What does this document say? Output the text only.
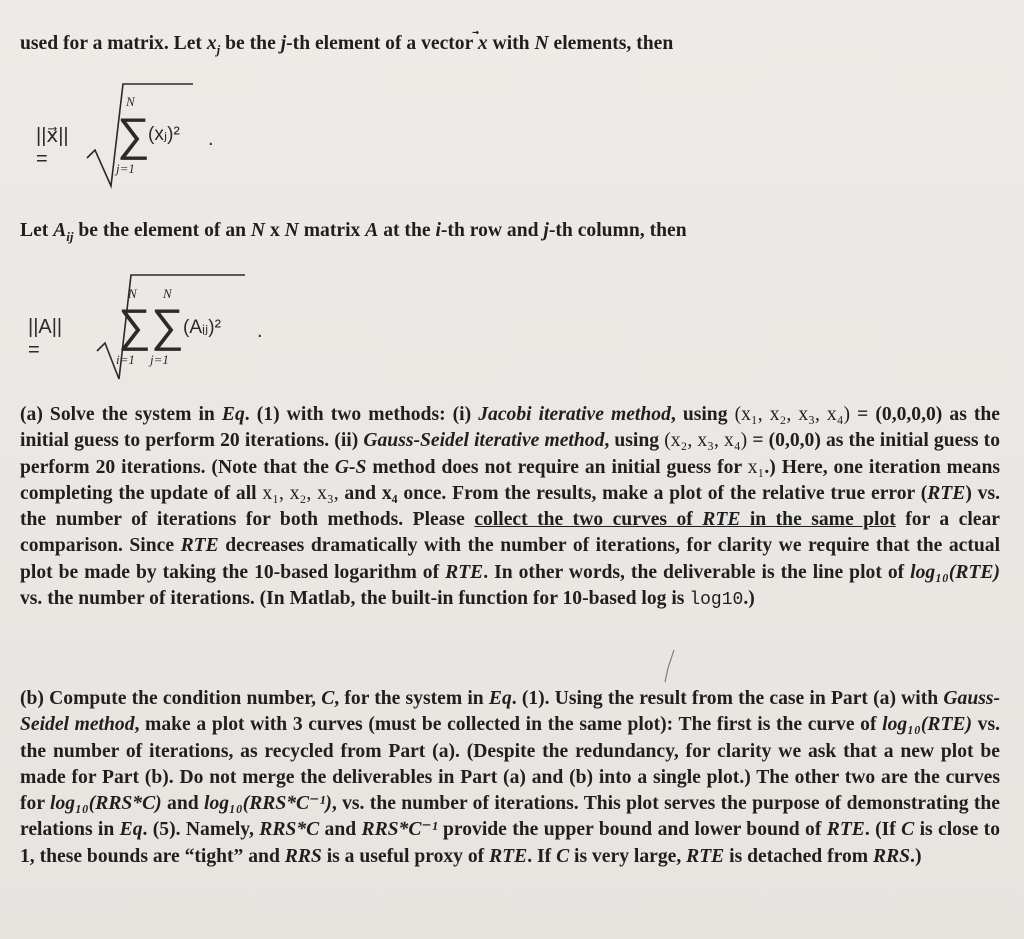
used for a matrix. Let $x_j$ be the j-th element of a vector x
with N elements, then
||x⃗|| =
N
∑
j=1
(xⱼ)² .
Let $A_{ij}$ be the element of an N x N matrix A at the i-th row and j-th column, then
||A|| =
N N
∑ ∑
i=1 j=1
(Aᵢⱼ)² .
(a) Solve the system in Eq. (1) with two methods: (i) Jacobi iterative method, using (x₁, x₂, x₃, x₄) = (0,0,0,0) as the initial guess to perform 20 iterations. (ii) Gauss-Seidel iterative method, using (x₂, x₃, x₄) = (0,0,0) as the initial guess to perform 20 iterations. (Note that the G-S method does not require an initial guess for x₁.) Here, one iteration means completing the update of all x₁, x₂, x₃, and x₄ once. From the results, make a plot of the relative true error (RTE) vs. the number of iterations for both methods. Please collect the two curves of RTE in the same plot for a clear comparison. Since RTE decreases dramatically with the number of iterations, for clarity we require that the actual plot be made by taking the 10-based logarithm of RTE. In other words, the deliverable is the line plot of log₁₀(RTE) vs. the number of iterations. (In Matlab, the built-in function for 10-based log is log10.)
(b) Compute the condition number, C, for the system in Eq. (1). Using the result from the case in Part (a) with Gauss-Seidel method, make a plot with 3 curves (must be collected in the same plot): The first is the curve of log₁₀(RTE) vs. the number of iterations, as recycled from Part (a). (Despite the redundancy, for clarity we ask that a new plot be made for Part (b). Do not merge the deliverables in Part (a) and (b) into a single plot.) The other two are the curves for log₁₀(RRS*C) and log₁₀(RRS*C⁻¹), vs. the number of iterations. This plot serves the purpose of demonstrating the relations in Eq. (5). Namely, RRS*C and RRS*C⁻¹ provide the upper bound and lower bound of RTE. (If C is close to 1, these bounds are “tight” and RRS is a useful proxy of RTE. If C is very large, RTE is detached from RRS.)
